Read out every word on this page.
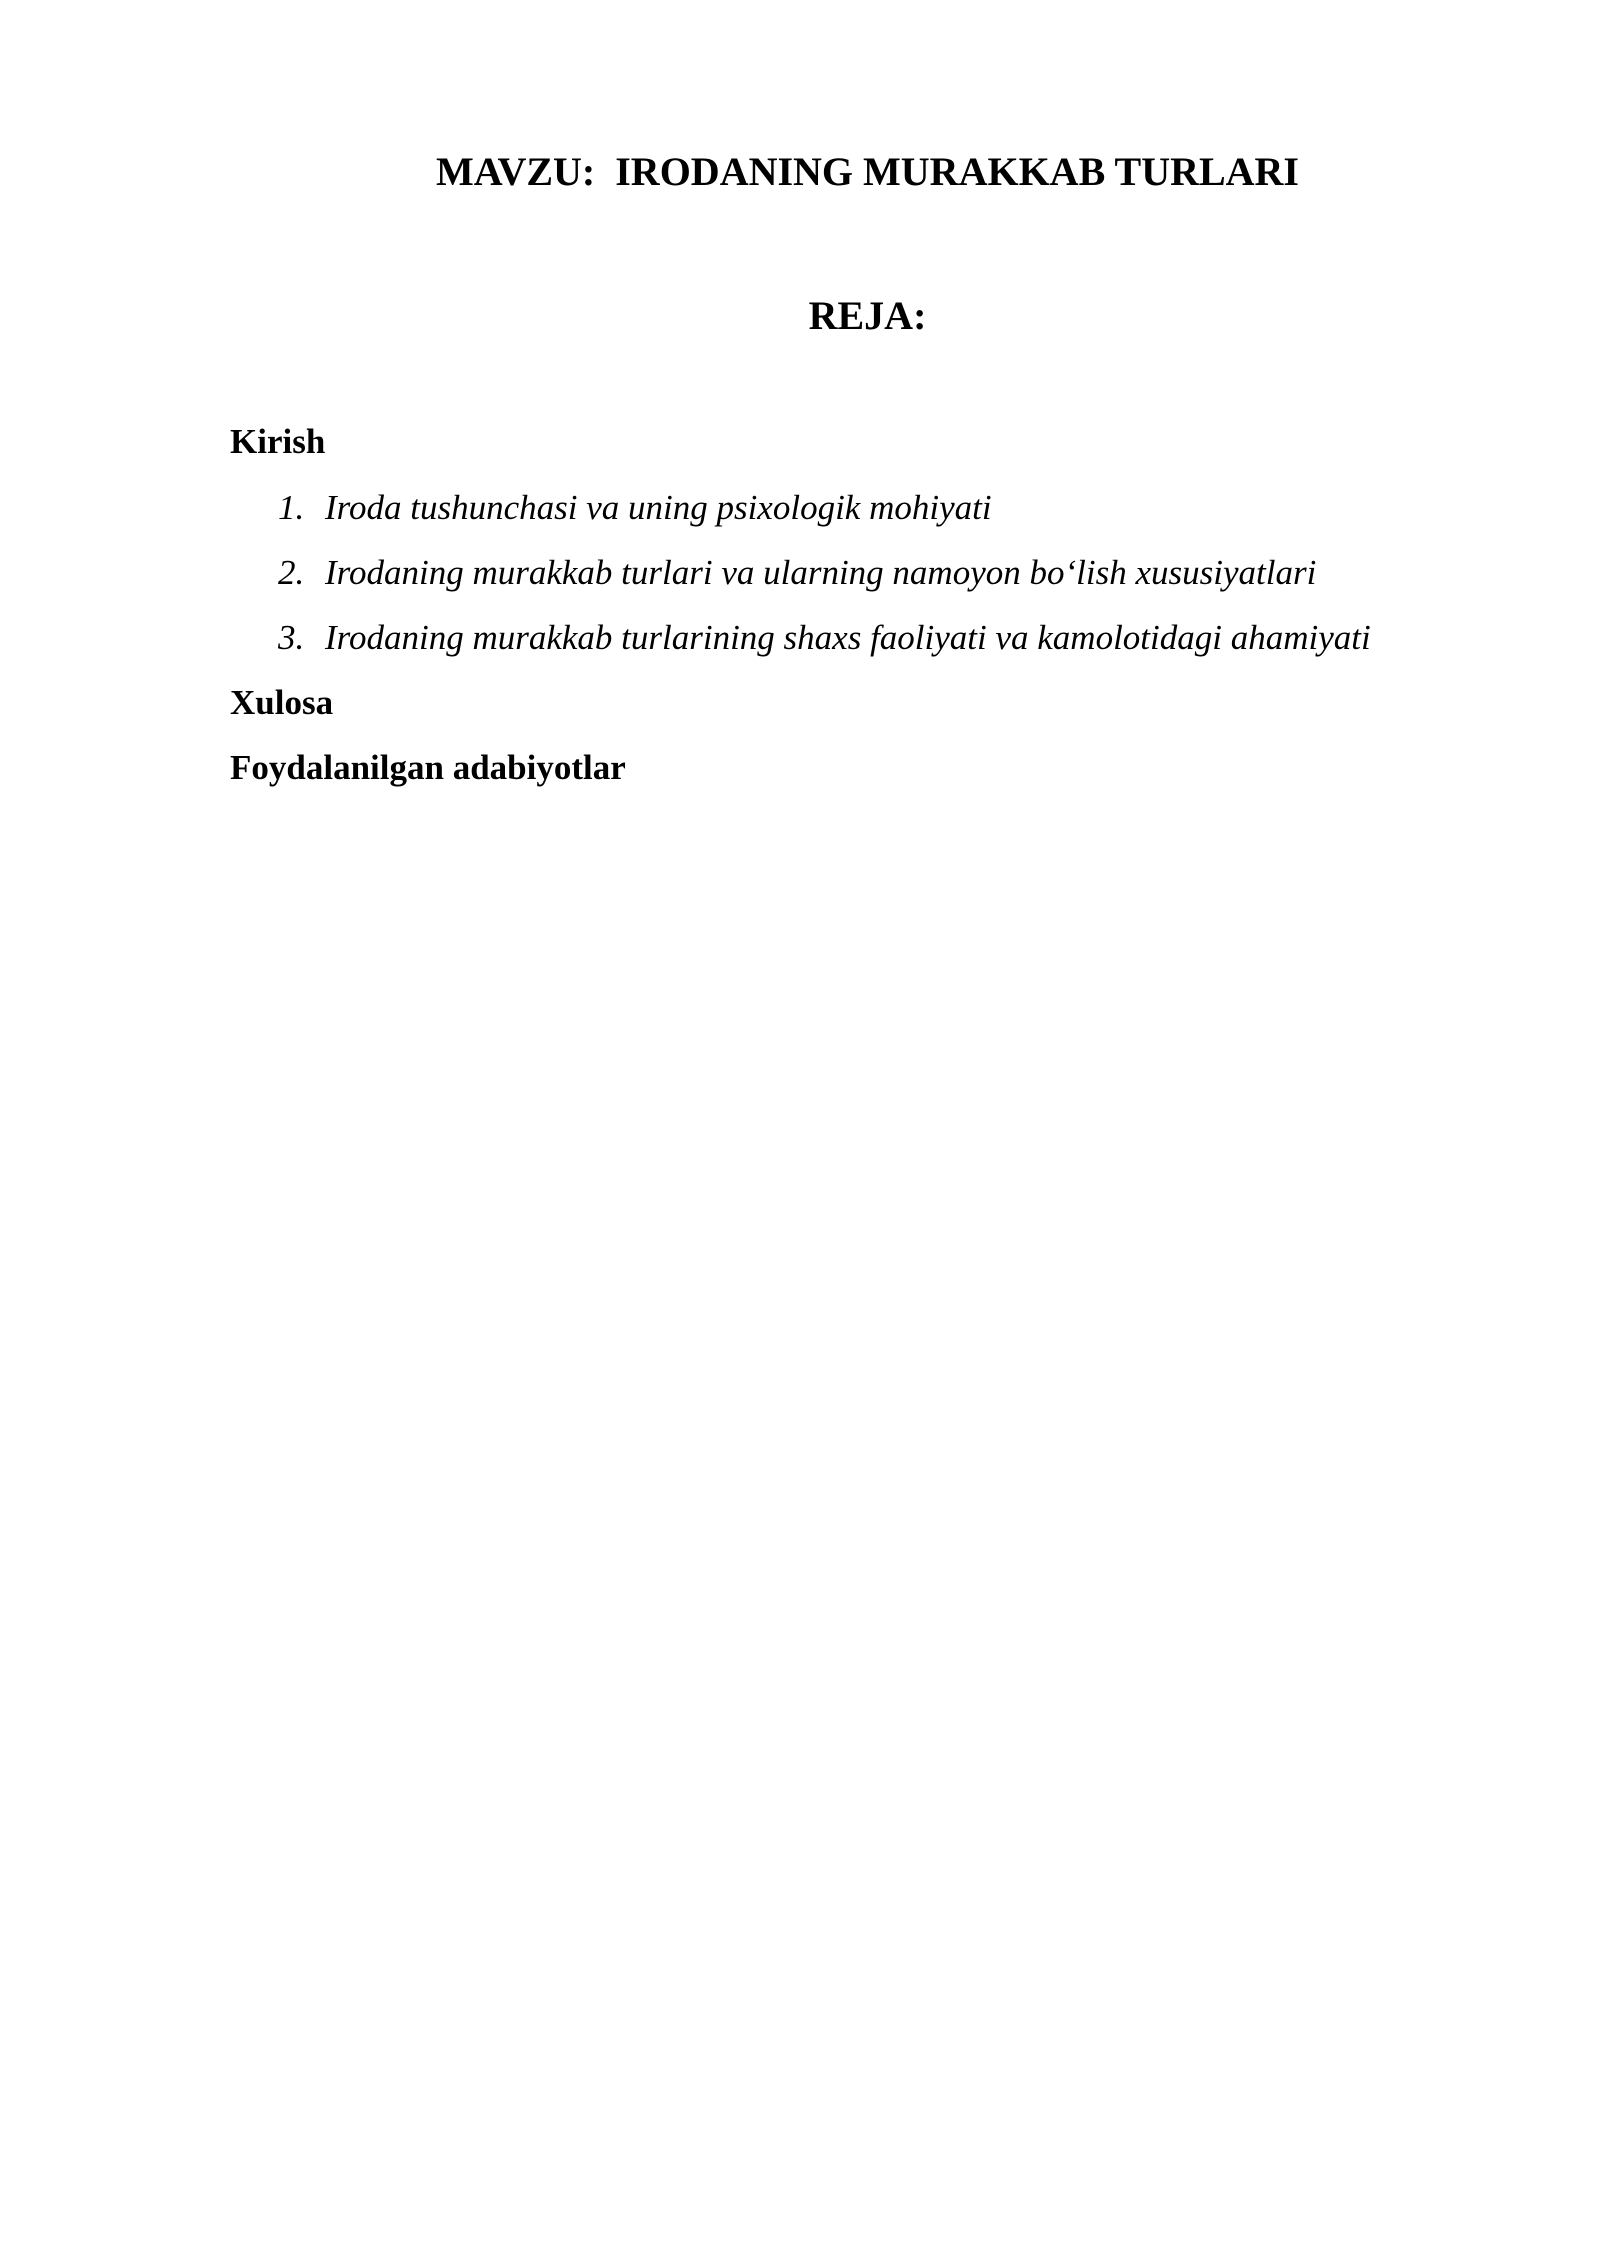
MAVZU:  IRODANING MURAKKAB TURLARI
REJA:

Kirish

1. Iroda tushunchasi va uning psixologik mohiyati
2. Irodaning murakkab turlari va ularning namoyon bo‘lish xususiyatlari
3. Irodaning murakkab turlarining shaxs faoliyati va kamolotidagi ahamiyati

Xulosa

Foydalanilgan adabiyotlar
